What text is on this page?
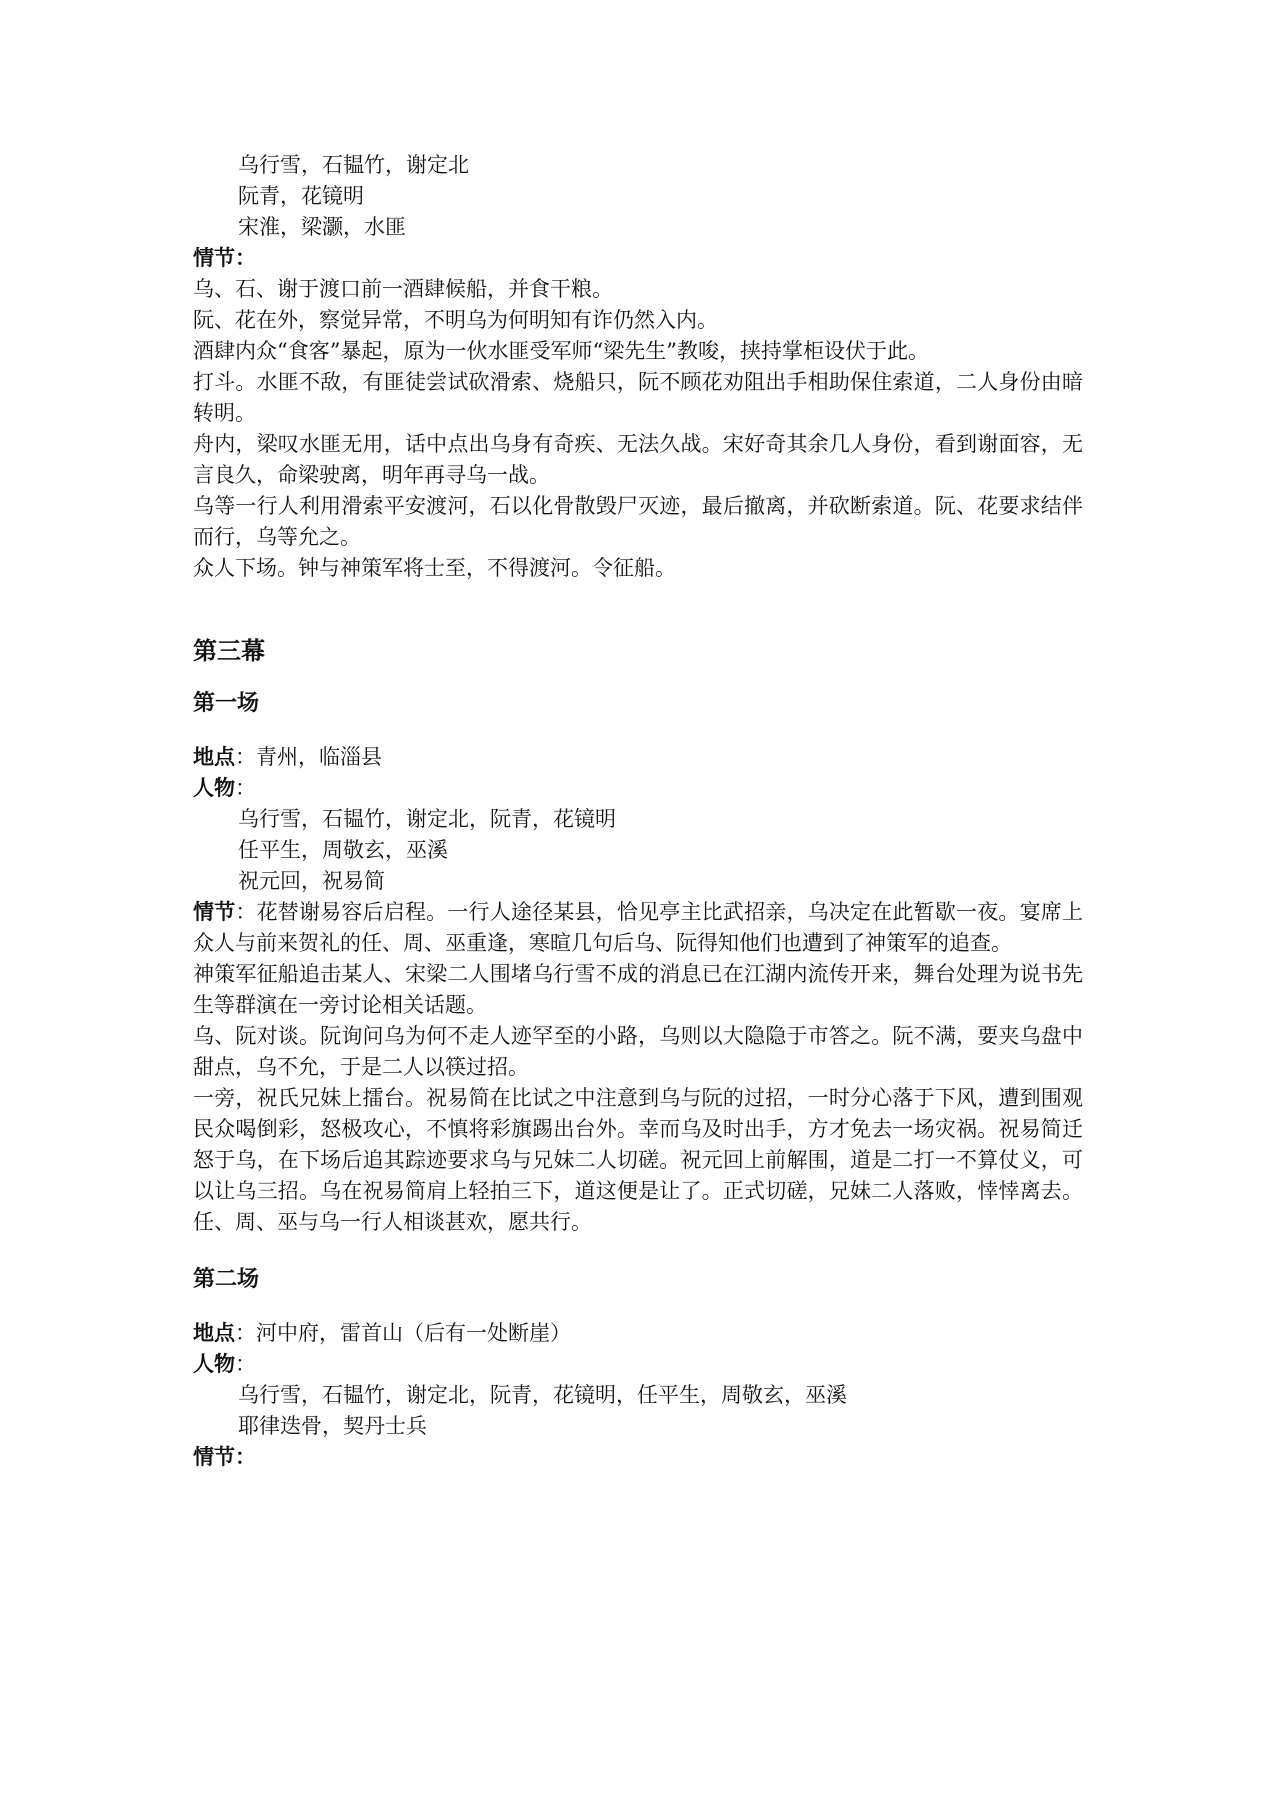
乌行雪，石韫竹，谢定北
阮青，花镜明
宋淮，梁灏，水匪
情节：
乌、石、谢于渡口前一酒肆候船，并食干粮。
阮、花在外，察觉异常，不明乌为何明知有诈仍然入内。
酒肆内众“食客”暴起，原为一伙水匪受军师“梁先生”教唆，挟持掌柜设伏于此。
打斗。水匪不敌，有匪徒尝试砍滑索、烧船只，阮不顾花劝阻出手相助保住索道，二人身份由暗转明。
舟内，梁叹水匪无用，话中点出乌身有奇疾、无法久战。宋好奇其余几人身份，看到谢面容，无言良久，命梁驶离，明年再寻乌一战。
乌等一行人利用滑索平安渡河，石以化骨散毁尸灭迹，最后撤离，并砍断索道。阮、花要求结伴而行，乌等允之。
众人下场。钟与神策军将士至，不得渡河。令征船。
第三幕
第一场
地点：青州，临淄县
人物：
乌行雪，石韫竹，谢定北，阮青，花镜明
任平生，周敬玄，巫溪
祝元回，祝易简
情节：花替谢易容后启程。一行人途径某县，恰见亭主比武招亲，乌决定在此暂歇一夜。宴席上众人与前来贺礼的任、周、巫重逢，寒暄几句后乌、阮得知他们也遭到了神策军的追查。
神策军征船追击某人、宋梁二人围堵乌行雪不成的消息已在江湖内流传开来，舞台处理为说书先生等群演在一旁讨论相关话题。
乌、阮对谈。阮询问乌为何不走人迹罕至的小路，乌则以大隐隐于市答之。阮不满，要夹乌盘中甜点，乌不允，于是二人以筷过招。
一旁，祝氏兄妹上擂台。祝易简在比试之中注意到乌与阮的过招，一时分心落于下风，遭到围观民众喝倒彩，怒极攻心，不慎将彩旗踢出台外。幸而乌及时出手，方才免去一场灾祸。祝易简迁怒于乌，在下场后追其踪迹要求乌与兄妹二人切磋。祝元回上前解围，道是二打一不算仗义，可以让乌三招。乌在祝易简肩上轻拍三下，道这便是让了。正式切磋，兄妹二人落败，悻悻离去。任、周、巫与乌一行人相谈甚欢，愿共行。
第二场
地点：河中府，雷首山（后有一处断崖）
人物：
乌行雪，石韫竹，谢定北，阮青，花镜明，任平生，周敬玄，巫溪
耶律迭骨，契丹士兵
情节：
